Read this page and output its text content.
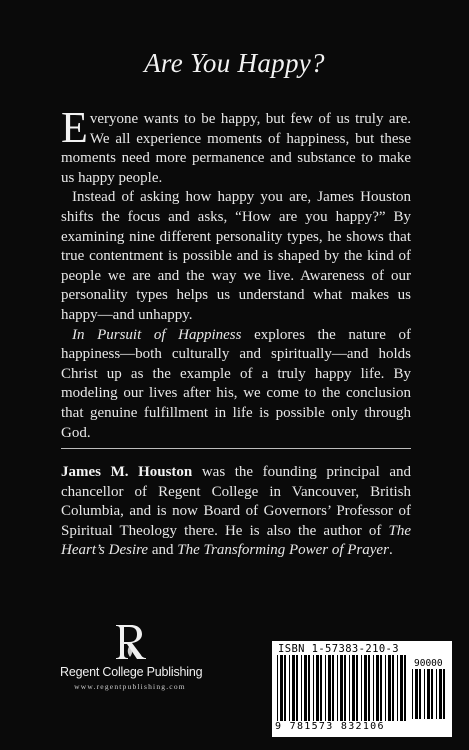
Are You Happy?

Everyone wants to be happy, but few of us truly are. We all experience moments of happiness, but these moments need more permanence and substance to make us happy people.

Instead of asking how happy you are, James Houston shifts the focus and asks, “How are you happy?” By examining nine different personality types, he shows that true contentment is possible and is shaped by the kind of people we are and the way we live. Awareness of our personality types helps us understand what makes us happy—and unhappy.

In Pursuit of Happiness explores the nature of happiness—both culturally and spiritually—and holds Christ up as the example of a truly happy life. By modeling our lives after his, we come to the conclusion that genuine fulfillment in life is possible only through God.

James M. Houston was the founding principal and chancellor of Regent College in Vancouver, British Columbia, and is now Board of Governors’ Professor of Spiritual Theology there. He is also the author of The Heart’s Desire and The Transforming Power of Prayer.

Regent College Publishing
www.regentpublishing.com
ISBN 1-57383-210-3
90000
9 781573 832106
